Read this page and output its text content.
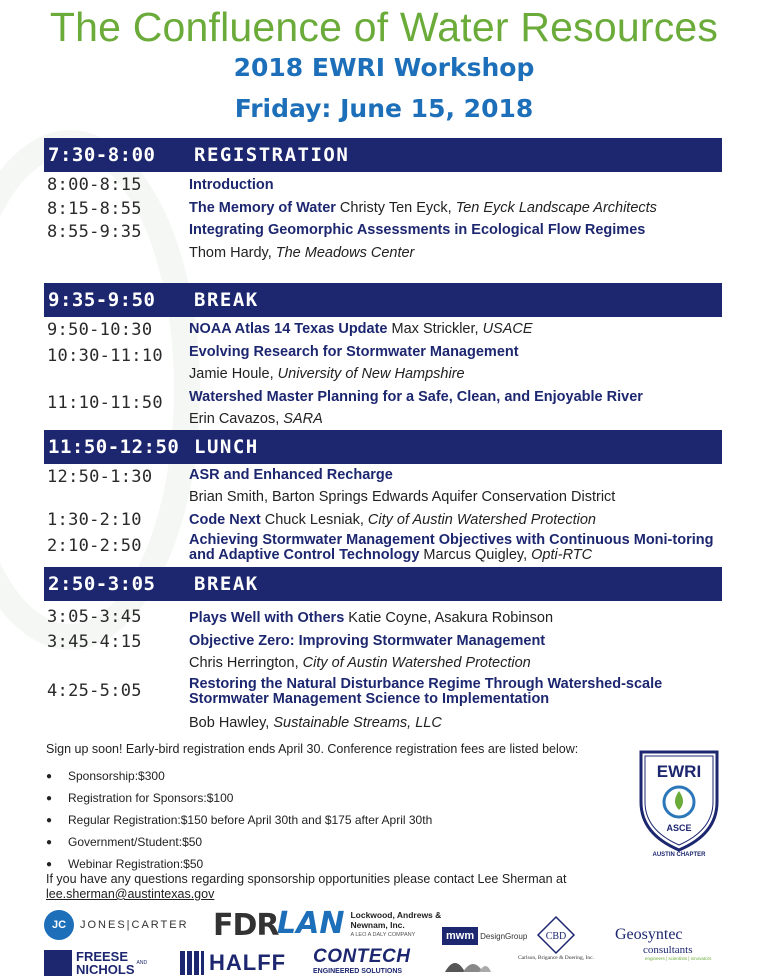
The Confluence of Water Resources
2018 EWRI Workshop
Friday: June 15, 2018
7:30-8:00 REGISTRATION
8:00-8:15	Introduction
8:15-8:55	The Memory of Water Christy Ten Eyck, Ten Eyck Landscape Architects
8:55-9:35	Integrating Geomorphic Assessments in Ecological Flow Regimes
Thom Hardy, The Meadows Center
9:35-9:50 BREAK
9:50-10:30	NOAA Atlas 14 Texas Update Max Strickler, USACE
10:30-11:10 Evolving Research for Stormwater Management
Jamie Houle, University of New Hampshire
11:10-11:50 Watershed Master Planning for a Safe, Clean, and Enjoyable River
Erin Cavazos, SARA
11:50-12:50 LUNCH
12:50-1:30	ASR and Enhanced Recharge
Brian Smith, Barton Springs Edwards Aquifer Conservation District
1:30-2:10	Code Next Chuck Lesniak, City of Austin Watershed Protection
2:10-2:50	Achieving Stormwater Management Objectives with Continuous Moni-toring and Adaptive Control Technology Marcus Quigley, Opti-RTC
2:50-3:05 BREAK
3:05-3:45	Plays Well with Others Katie Coyne, Asakura Robinson
3:45-4:15	Objective Zero: Improving Stormwater Management
Chris Herrington, City of Austin Watershed Protection
4:25-5:05	Restoring the Natural Disturbance Regime Through Watershed-scale Stormwater Management Science to Implementation
Bob Hawley, Sustainable Streams, LLC
Sign up soon! Early-bird registration ends April 30. Conference registration fees are listed below:
●	Sponsorship:$300
●	Registration for Sponsors:$100
●	Regular Registration:$150 before April 30th and $175 after April 30th
●	Government/Student:$50
●	Webinar Registration:$50
If you have any questions regarding sponsorship opportunities please contact Lee Sherman at
lee.sherman@austintexas.gov
EWRI
ASCE
AUSTIN CHAPTER
JC	JONES|CARTER FDR
LAN Lockwood, Andrews & Newnam, Inc.
A LEO A DALY COMPANY	mwm DesignGroup CBD
Carlson, Brigance & Doering, Inc.
Geosyntec
consultants
engineers | scientists | innovators
FREESE
NICHOLS AND	HALFF CONTECH
ENGINEERED SOLUTIONS
